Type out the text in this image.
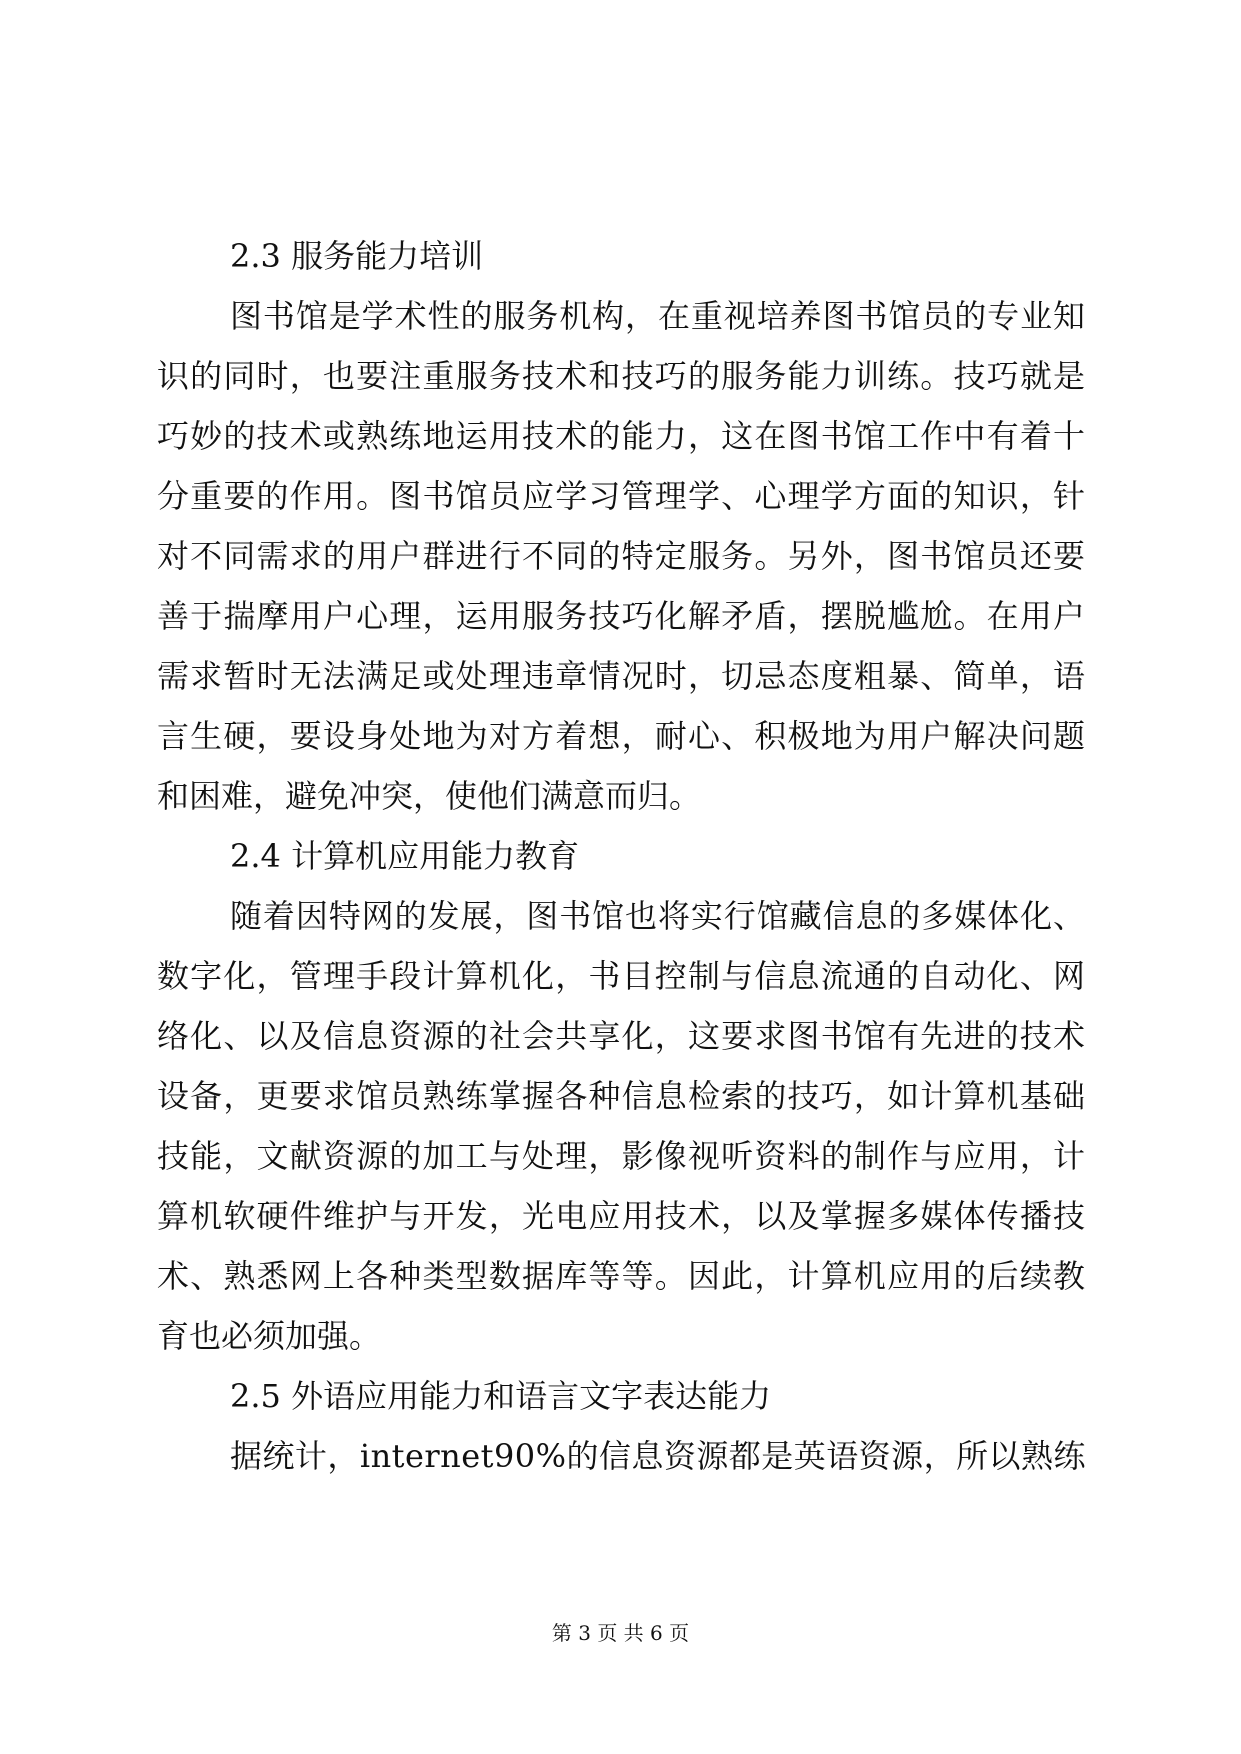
2.3 服务能力培训
图书馆是学术性的服务机构，在重视培养图书馆员的专业知
识的同时，也要注重服务技术和技巧的服务能力训练。技巧就是
巧妙的技术或熟练地运用技术的能力，这在图书馆工作中有着十
分重要的作用。图书馆员应学习管理学、心理学方面的知识，针
对不同需求的用户群进行不同的特定服务。另外，图书馆员还要
善于揣摩用户心理，运用服务技巧化解矛盾，摆脱尴尬。在用户
需求暂时无法满足或处理违章情况时，切忌态度粗暴、简单，语
言生硬，要设身处地为对方着想，耐心、积极地为用户解决问题
和困难，避免冲突，使他们满意而归。
2.4 计算机应用能力教育
随着因特网的发展，图书馆也将实行馆藏信息的多媒体化、
数字化，管理手段计算机化，书目控制与信息流通的自动化、网
络化、以及信息资源的社会共享化，这要求图书馆有先进的技术
设备，更要求馆员熟练掌握各种信息检索的技巧，如计算机基础
技能，文献资源的加工与处理，影像视听资料的制作与应用，计
算机软硬件维护与开发，光电应用技术，以及掌握多媒体传播技
术、熟悉网上各种类型数据库等等。因此，计算机应用的后续教
育也必须加强。
2.5 外语应用能力和语言文字表达能力
据统计，internet90%的信息资源都是英语资源，所以熟练
第 3 页 共 6 页
